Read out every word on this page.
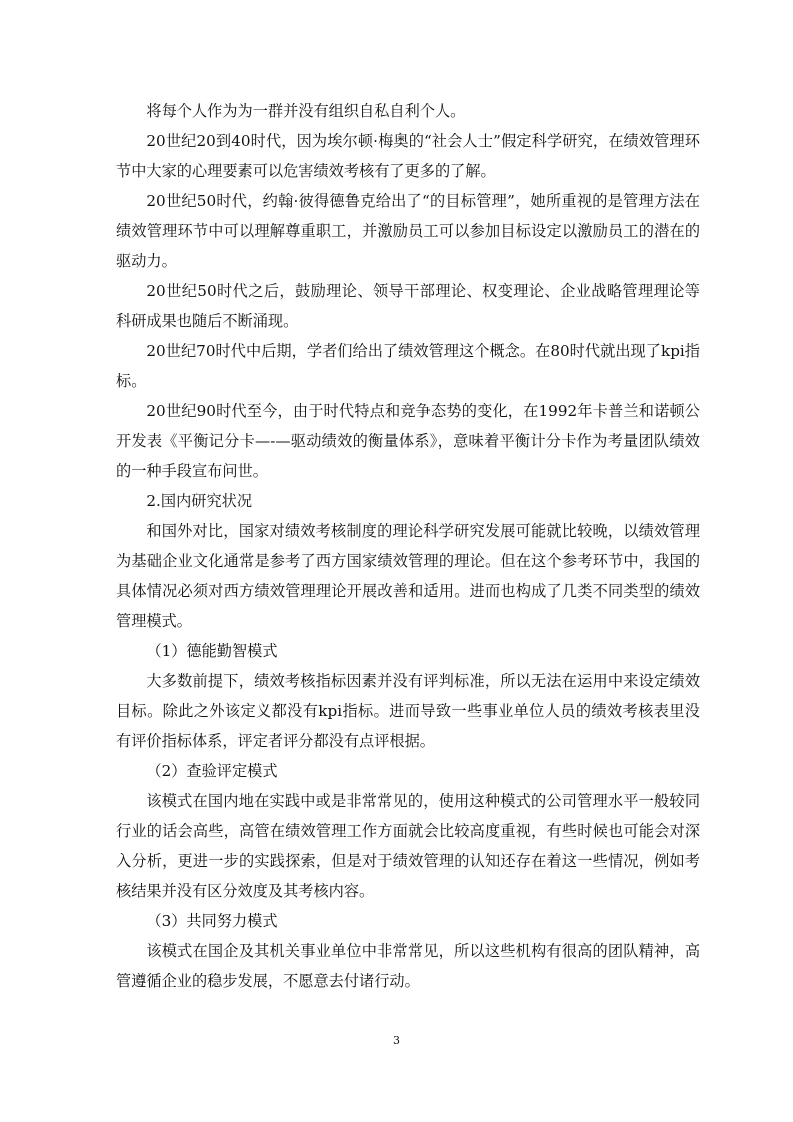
将每个人作为为一群并没有组织自私自利个人。

20世纪20到40时代，因为埃尔顿·梅奥的“社会人士”假定科学研究，在绩效管理环节中大家的心理要素可以危害绩效考核有了更多的了解。

20世纪50时代，约翰·彼得德鲁克给出了“的目标管理”，她所重视的是管理方法在绩效管理环节中可以理解尊重职工，并激励员工可以参加目标设定以激励员工的潜在的驱动力。

20世纪50时代之后，鼓励理论、领导干部理论、权变理论、企业战略管理理论等科研成果也随后不断涌现。

20世纪70时代中后期，学者们给出了绩效管理这个概念。在80时代就出现了kpi指标。

20世纪90时代至今，由于时代特点和竞争态势的变化，在1992年卡普兰和诺顿公开发表《平衡记分卡—-—驱动绩效的衡量体系》，意味着平衡计分卡作为考量团队绩效的一种手段宣布问世。

2.国内研究状况

和国外对比，国家对绩效考核制度的理论科学研究发展可能就比较晚，以绩效管理为基础企业文化通常是参考了西方国家绩效管理的理论。但在这个参考环节中，我国的具体情况必须对西方绩效管理理论开展改善和适用。进而也构成了几类不同类型的绩效管理模式。

（1）德能勤智模式

大多数前提下，绩效考核指标因素并没有评判标准，所以无法在运用中来设定绩效目标。除此之外该定义都没有kpi指标。进而导致一些事业单位人员的绩效考核表里没有评价指标体系，评定者评分都没有点评根据。

（2）查验评定模式

该模式在国内地在实践中或是非常常见的，使用这种模式的公司管理水平一般较同行业的话会高些，高管在绩效管理工作方面就会比较高度重视，有些时候也可能会对深入分析，更进一步的实践探索，但是对于绩效管理的认知还存在着这一些情况，例如考核结果并没有区分效度及其考核内容。

（3）共同努力模式

该模式在国企及其机关事业单位中非常常见，所以这些机构有很高的团队精神，高管遵循企业的稳步发展，不愿意去付诸行动。

3
